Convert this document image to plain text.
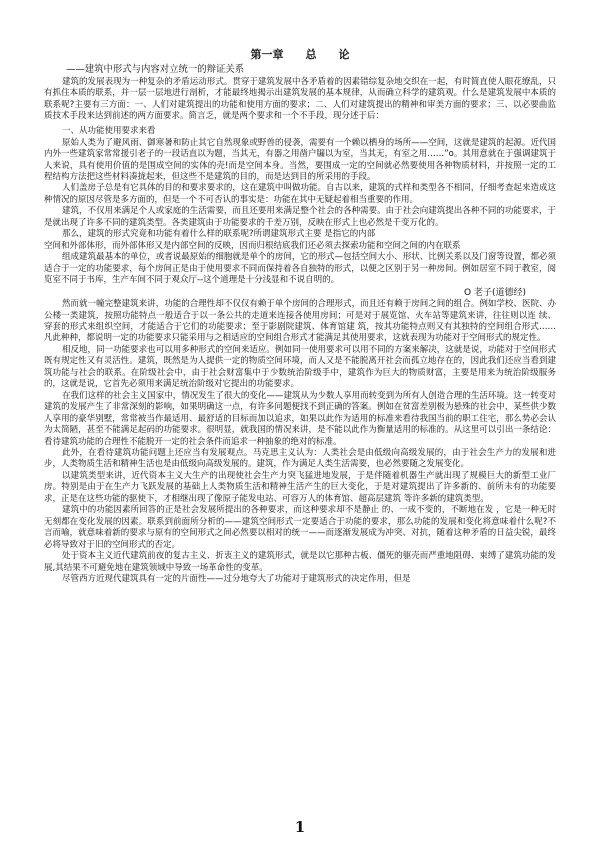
第一章　　总　　论
——建筑中形式与内容对立统一的辩证关系

建筑的发展表现为一种复杂的矛盾运动形式。贯穿于建筑发展中各矛盾着的因素错综复杂地交织在一起，有时简直使人眼花缭乱，只有抓住本质的联系，并一层一层地进行剖析，才能最终地揭示出建筑发展的基本规律，从而确立科学的建筑观。什么是建筑发展中本质的联系呢?主要有三方面：一、人们对建筑提出的功能和使用方面的要求；二、人们对建筑提出的精神和审美方面的要求；三、以必要曲监质技术手段来达到前述的两方面要求。简言乏，就是两个要求和一个不手段，现分述于后：

一、从功能使用要求来看

原始人类为了避风雨、御寒暑和防止其它自然现象或野兽的侵袭，需要有一个赖以栖身的场所——空间，这就是建筑的起源。近代国内外一些建筑家常常援引老子的一段话直以为题，当其无，有器之用凿户牖以为室，当其无，有室之用……”o。其用意就在于强调建筑于人来说，具有使用价值的是围成空间的实体的壳!而是空间本身。当然，要围成一定的空间就必然要使用各种物质材料，并按照一定的工程结构方法把这些材料凑拢起来，但这些不是建筑的目的，而是达到目的所采用的手段。

人们盖房子总是有它具体的目的和要求要求的，这在建筑中叫做功能。自古以来，建筑的式样和类型各不相同，仔细考查起来造成这种情况的原因尽管是多方面的，但是一个不可否认的事实是：功能在其中无疑起着相当重要的作用。

建筑，不仅用来满足个人或家庭的生活需要，而且还要用来满足整个社会的各种需要。由于社会向建筑提出各种不同的功能要求，于是就出现了许多不同的建筑类型。各类建筑由于功能要求的千差万别，反映在形式上也必然是千变万化的。

那么，建筑的形式究竟和功能有着什么样的联系呢?所谓建筑形式主要 是指它的内部

空间和外部体形，而外部体形又是内部空间的反映，因而归根结底我们还必须去探索功能和空间之间的内在联系

组成建筑最基本的单位，或者说最原始的细胞就是单个的房间，它的形式—包括空间大小、形状、比例关系以及门窗等设置，都必须适合于一定的功能要求，每个房间正是由于使用要求不同而保持着各自独特的形式，以便之区别于另一种房间。例如居室不同于教室，阅览室不同于书库，生产车间不同于观众厅--这个道理是十分浅显和不说自明的。

O 老子(道德经)

然而就一幢完整建筑来讲，功能的合理性却不仅仅有赖于单个房间的合理形式，而且还有赖于房间之间的组合。例如学校、医院、办公楼一类建筑，按照功能特点一般适合于以一条公共的走道来连接各使用房间；可是对于展览馆、火车站等建筑来讲，往往则以连 续、穿套的形式来组织空间，才能适合于它们的功能要求；至于影剧院建筑、体育馆建 筑，按其功能特点则又有其独特的空间组合形式……凡此种种，都说明一定的功能要求只能采用与之相适应的空间组合形式才能满足其使用要求，这就表现为功能对于空间形式的规定性。

相反地，同一功能要求也可以用多种形式的空间来适应。例如同一使用要求可以用不同的方案来解决，这就是说，功能对于空间形式既有规定性又有灵活性。建筑，既然是为人提供一定的物质空间环境，而人又是不能脱离开社会而孤立地存在的，因此我们还应当看到建筑功能与社会的联系。在阶级社会中，由于社会财富集中于少数统治阶级手中，建筑作为巨大的物质财富，主要是用来为统治阶级服务的，这就是说，它首先必须用来满足统治阶级对它提出的功能要求。

在我们这样的社会主义国家中，情况发生了很大的变化——建筑从为少数人享用而转变到为所有人创造合理的生活环境。这一转变对建筑的发展产生了非常深刻的影响，如果明确这一点，有许多问题便找不到正确的答案。例如在贫富差别极为悬殊的社会中，某些供少数人享用的豪华别墅，常常被当作最适用、最舒适的目标而加以追求，如果以此作为适用的标准来看待我国当前的职工住宅，那么势必会认为太简陋，甚至不能满足起码的功能要求。很明显，就我国的情况来讲，是不能以此作为衡量适用的标准的。从这里可以引出一条结论：看待建筑功能的合理性不能脱开一定的社会条件而追求一种抽象的绝对的标准。

此外，在看待建筑功能问题上还应当有发展观点。马克思主义认为：人类社会是由低级向高级发展的，由于社会生产力的发展和进步，人类物质生活和精神生活也是由低级向高级发展的。建筑，作为满足人类生活需要，也必然要随之发展变化。

以建筑类型来讲，近代资本主义大生产的出现使社会生产力突飞猛进地发展，于是伴随着机器生产就出现了规模巨大的新型工业厂房。特别是由于在生产力飞跃发展的基础上人类物质生活和精神生活产生的巨大变化，于是对建筑提出了许多新的、前所未有的功能要求，正是在这些功能的驱使下，才相继出现了像原子能发电站、可容万人的体育馆、超高层建筑 等许多新的建筑类型。

建筑中的功能因素所回答的正是社会发展所提出的各种要求，而这种要求却不是静止 的、一成不变的，不断地在发 ，它是一种无时无刻都在变化发展的因素。联系到前面所分析的——建筑空间形式一定要适合于功能的要求，那么功能的发展和变化将意味着什么呢?不言而喻，就意味着新的要求与原有的空间形式之间必然要以相对的统一——而逐渐发展成为冲突、对抗，随着这种矛盾的日益尖锐，最终必将导致对于旧的空间形式的否定。

处于资本主义近代建筑前夜的复古主义、折衷主义的建筑形式，就是以它那种古板、僵死的躯壳而严重地阻碍、束缚了建筑功能的发展,其结果不可避免地在建筑领域中导致一场革命性的变革。

尽管西方近现代建筑具有一定的片面性——过分地夸大了功能对于建筑形式的决定作用，但是

1
